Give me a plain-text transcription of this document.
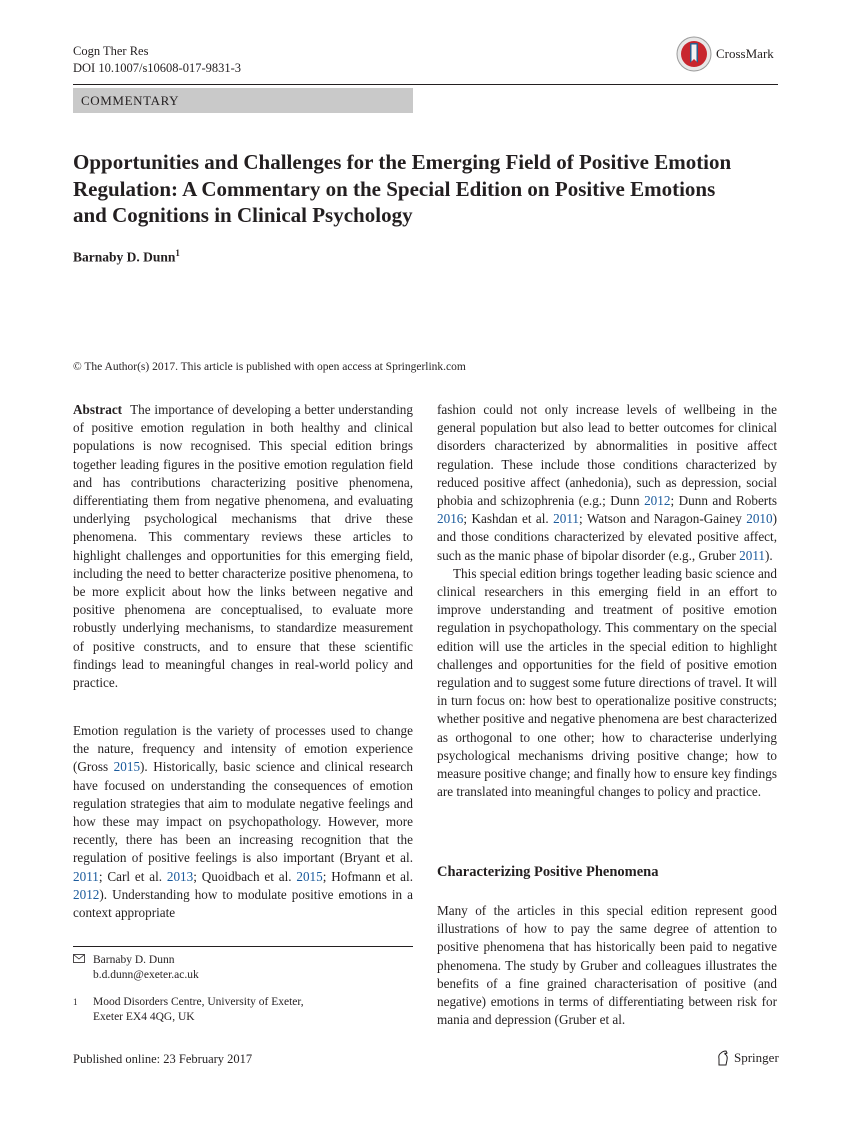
Cogn Ther Res
DOI 10.1007/s10608-017-9831-3
CrossMark
COMMENTARY
Opportunities and Challenges for the Emerging Field of Positive Emotion Regulation: A Commentary on the Special Edition on Positive Emotions and Cognitions in Clinical Psychology
Barnaby D. Dunn$^1$
© The Author(s) 2017. This article is published with open access at Springerlink.com

Abstract The importance of developing a better understanding of positive emotion regulation in both healthy and clinical populations is now recognised. This special edition brings together leading figures in the positive emotion regulation field and has contributions characterizing positive phenomena, differentiating them from negative phenomena, and evaluating underlying psychological mechanisms that drive these phenomena. This commentary reviews these articles to highlight challenges and opportunities for this emerging field, including the need to better characterize positive phenomena, to be more explicit about how the links between negative and positive phenomena are conceptualised, to evaluate more robustly underlying mechanisms, to standardize measurement of positive constructs, and to ensure that these scientific findings lead to meaningful changes in real-world policy and practice.

Emotion regulation is the variety of processes used to change the nature, frequency and intensity of emotion experience (Gross 2015). Historically, basic science and clinical research have focused on understanding the consequences of emotion regulation strategies that aim to modulate negative feelings and how these may impact on psychopathology. However, more recently, there has been an increasing recognition that the regulation of positive feelings is also important (Bryant et al. 2011; Carl et al. 2013; Quoidbach et al. 2015; Hofmann et al. 2012). Understanding how to modulate positive emotions in a context appropriate

fashion could not only increase levels of wellbeing in the general population but also lead to better outcomes for clinical disorders characterized by abnormalities in positive affect regulation. These include those conditions characterized by reduced positive affect (anhedonia), such as depression, social phobia and schizophrenia (e.g.; Dunn 2012; Dunn and Roberts 2016; Kashdan et al. 2011; Watson and Naragon-Gainey 2010) and those conditions characterized by elevated positive affect, such as the manic phase of bipolar disorder (e.g., Gruber 2011).

This special edition brings together leading basic science and clinical researchers in this emerging field in an effort to improve understanding and treatment of positive emotion regulation in psychopathology. This commentary on the special edition will use the articles in the special edition to highlight challenges and opportunities for the field of positive emotion regulation and to suggest some future directions of travel. It will in turn focus on: how best to operationalize positive constructs; whether positive and negative phenomena are best characterized as orthogonal to one other; how to characterise underlying psychological mechanisms driving positive change; how to measure positive change; and finally how to ensure key findings are translated into meaningful changes to policy and practice.

Characterizing Positive Phenomena

Many of the articles in this special edition represent good illustrations of how to pay the same degree of attention to positive phenomena that has historically been paid to negative phenomena. The study by Gruber and colleagues illustrates the benefits of a fine grained characterisation of positive (and negative) emotions in terms of differentiating between risk for mania and depression (Gruber et al.

Barnaby D. Dunn
b.d.dunn@exeter.ac.uk
1 Mood Disorders Centre, University of Exeter,
Exeter EX4 4QG, UK
Published online: 23 February 2017	Springer
